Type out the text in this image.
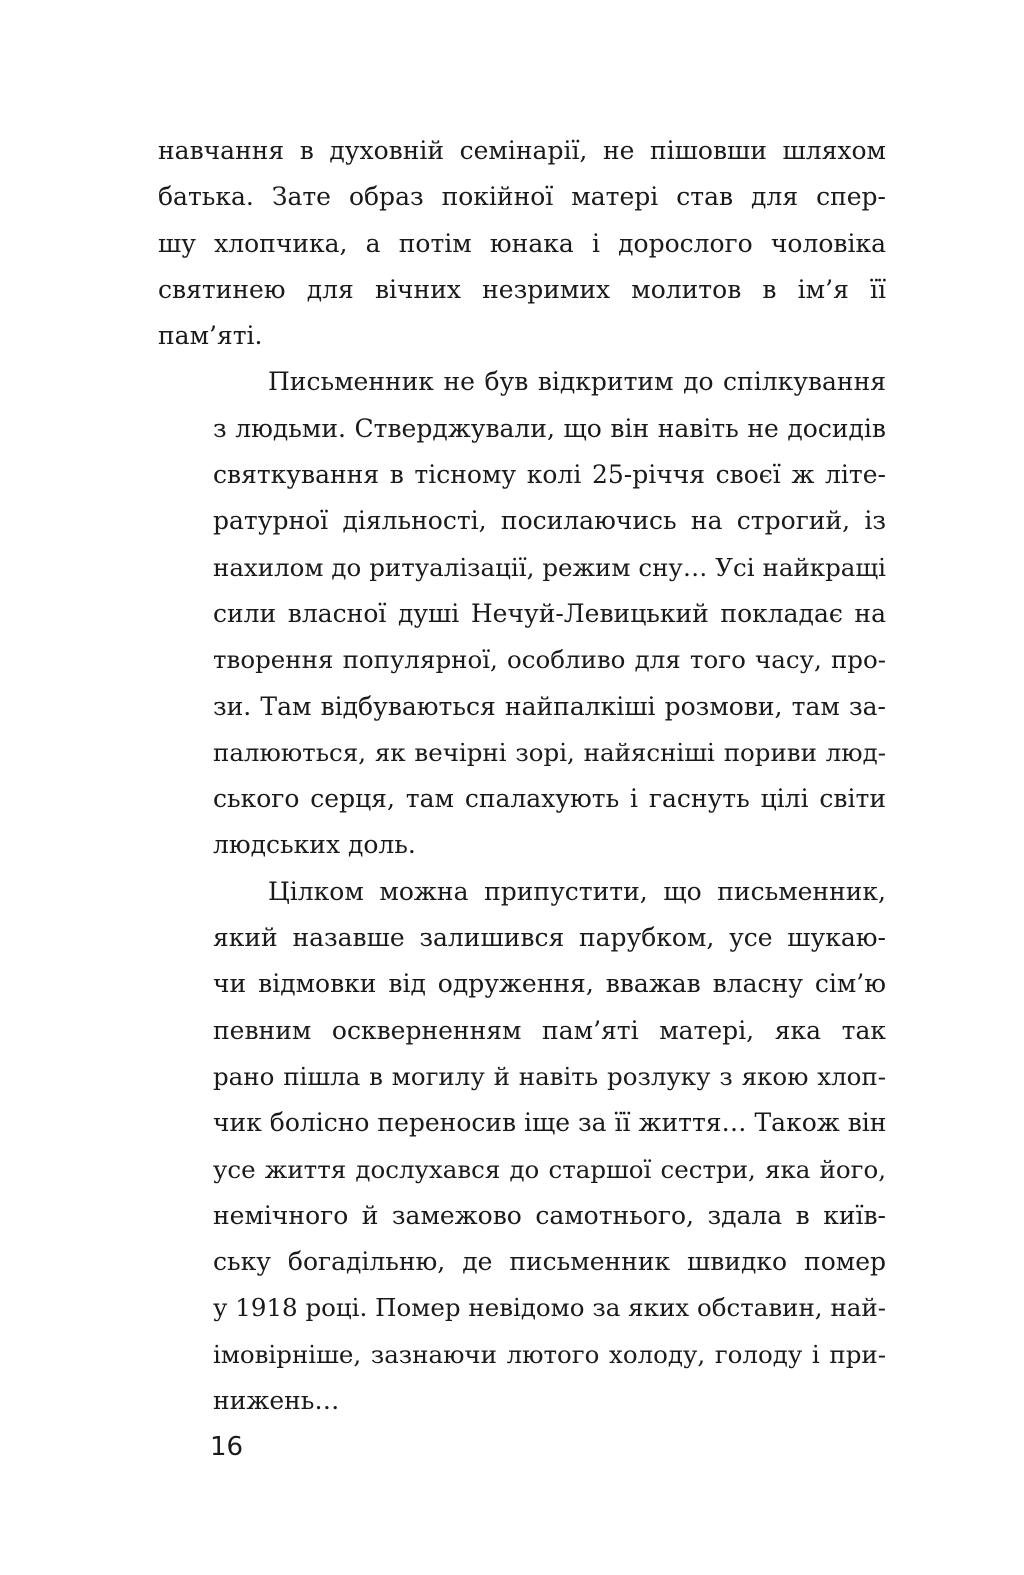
навчання в духовній семінарії, не пішовши шляхом
батька. Зате образ покійної матері став для спер-
шу хлопчика, а потім юнака і дорослого чоловіка
святинею для вічних незримих молитов в ім’я її
пам’яті.
Письменник не був відкритим до спілкування
з людьми. Стверджували, що він навіть не досидів
святкування в тісному колі 25-річчя своєї ж літе-
ратурної діяльності, посилаючись на строгий, із
нахилом до ритуалізації, режим сну… Усі найкращі
сили власної душі Нечуй-Левицький покладає на
творення популярної, особливо для того часу, про-
зи. Там відбуваються найпалкіші розмови, там за-
палюються, як вечірні зорі, найясніші пориви люд-
ського серця, там спалахують і гаснуть цілі світи
людських доль.
Цілком можна припустити, що письменник,
який назавше залишився парубком, усе шукаю-
чи відмовки від одруження, вважав власну сім’ю
певним оскверненням пам’яті матері, яка так
рано пішла в могилу й навіть розлуку з якою хлоп-
чик болісно переносив іще за її життя… Також він
усе життя дослухався до старшої сестри, яка його,
немічного й замежово самотнього, здала в київ-
ську богадільню, де письменник швидко помер
у 1918 році. Помер невідомо за яких обставин, най-
імовірніше, зазнаючи лютого холоду, голоду і при-
нижень…
16
